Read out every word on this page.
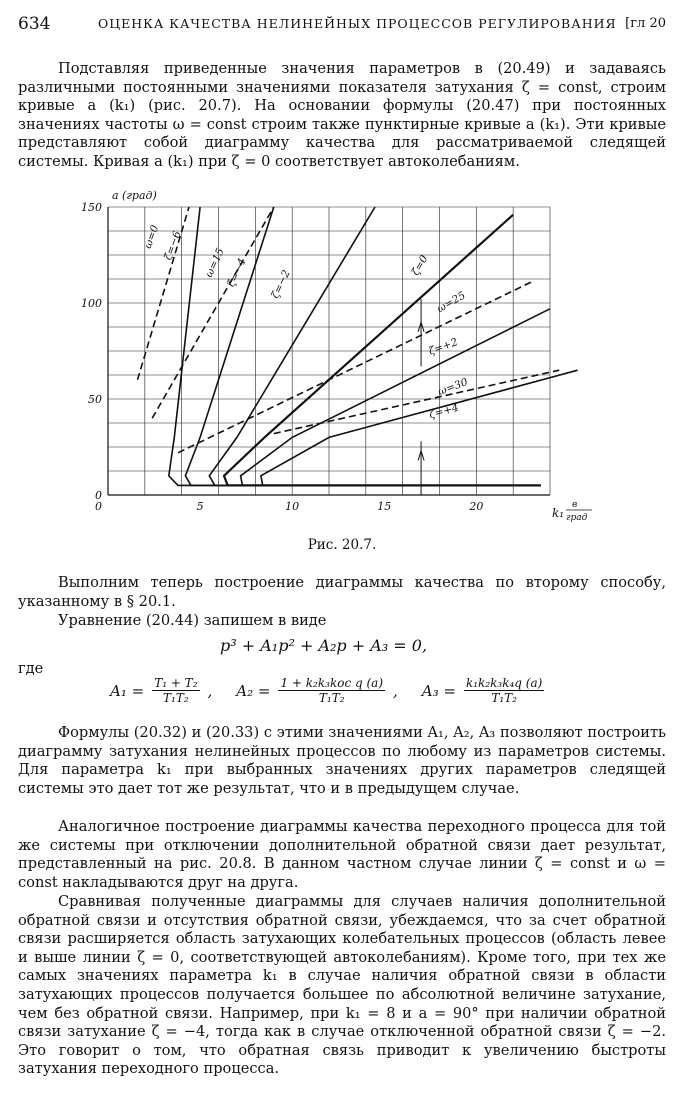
634	ОЦЕНКА КАЧЕСТВА НЕЛИНЕЙНЫХ ПРОЦЕССОВ РЕГУЛИРОВАНИЯ [гл 20
Подставляя приведенные значения параметров в (20.49) и задаваясь различными постоянными значениями показателя затухания ζ = const, строим кривые a (k₁) (рис. 20.7). На основании формулы (20.47) при постоянных значениях частоты ω = const строим также пунктирные кривые a (k₁). Эти кривые представляют собой диаграмму качества для рассматриваемой следящей системы. Кривая a (k₁) при ζ = 0 соответствует автоколебаниям.
150
100
50
0
5	10	15	20
0
a (град)
k₁
в
град
ω=0 ζ=−6
ω=15
ζ=−4 ζ=−2
ζ=0
ω=25
ζ=+2
ω=30
ζ=+4
Рис. 20.7.
Выполним теперь построение диаграммы качества по второму способу, указанному в § 20.1.
Уравнение (20.44) запишем в виде
p³ + A₁p² + A₂p + A₃ = 0,
где
$A_1 = \frac{\text{T₁ + T₂}}{\text{T₁T₂}}$ , $A_2 = \frac{\text{1 + k₂k₃kос q (a)}}{\text{T₁T₂}}$ , $A_3 = \frac{\text{k₁k₂k₃k₄q (a)}}{\text{T₁T₂}}$
Формулы (20.32) и (20.33) с этими значениями A₁, A₂, A₃ позволяют построить диаграмму затухания нелинейных процессов по любому из параметров системы. Для параметра k₁ при выбранных значениях других параметров следящей системы это дает тот же результат, что и в предыдущем случае.
Аналогичное построение диаграммы качества переходного процесса для той же системы при отключении дополнительной обратной связи дает результат, представленный на рис. 20.8. В данном частном случае линии ζ = const и ω = const накладываются друг на друга.
Сравнивая полученные диаграммы для случаев наличия дополнительной обратной связи и отсутствия обратной связи, убеждаемся, что за счет обратной связи расширяется область затухающих колебательных процессов (область левее и выше линии ζ = 0, соответствующей автоколебаниям). Кроме того, при тех же самых значениях параметра k₁ в случае наличия обратной связи в области затухающих процессов получается большее по абсолютной величине затухание, чем без обратной связи. Например, при k₁ = 8 и a = 90° при наличии обратной связи затухание ζ = −4, тогда как в случае отключенной обратной связи ζ = −2. Это говорит о том, что обратная связь приводит к увеличению быстроты затухания переходного процесса.
